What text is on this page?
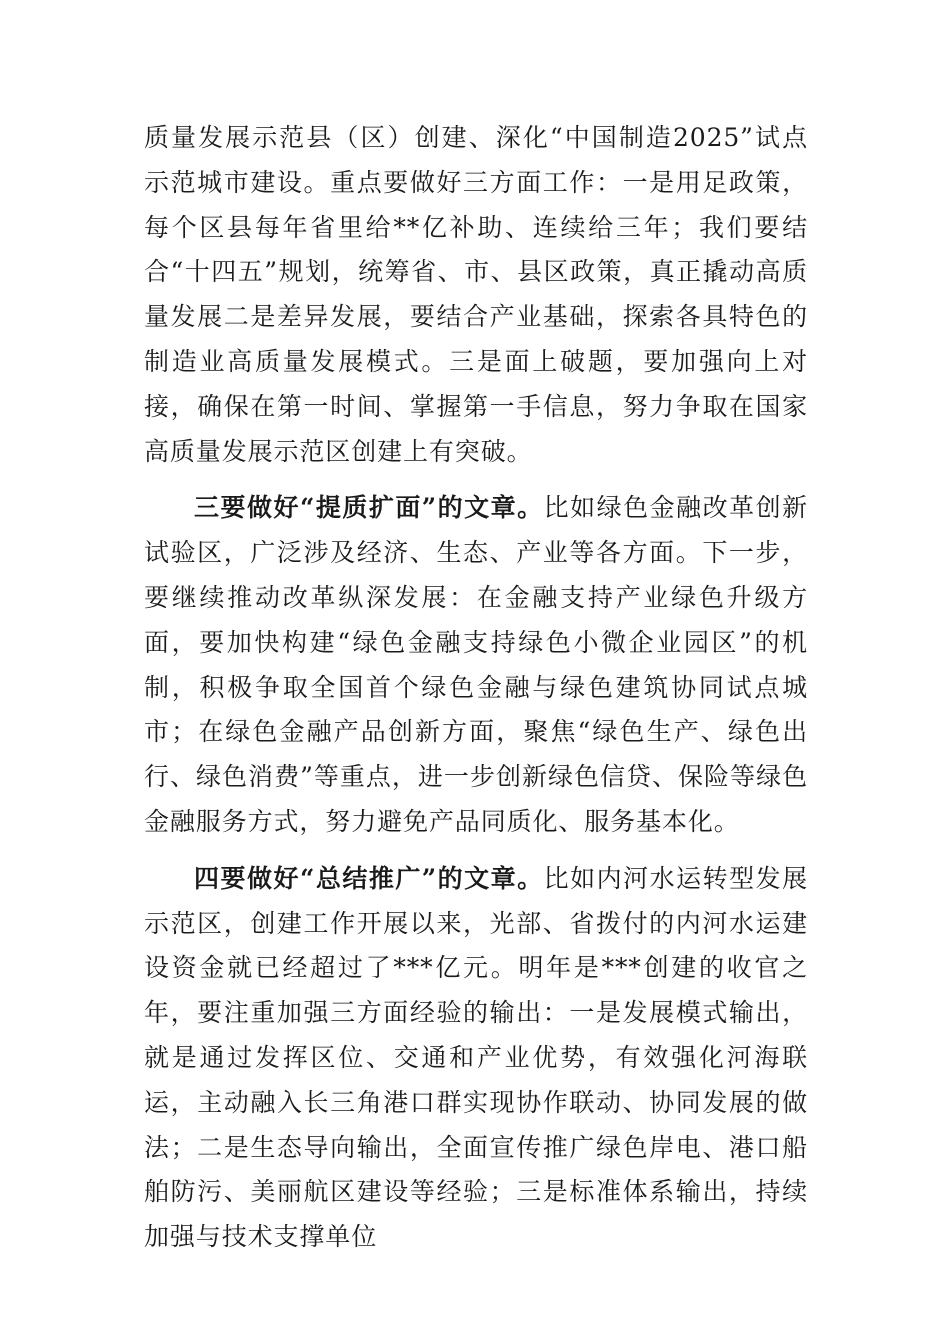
质量发展示范县（区）创建、深化“中国制造2025”试点示范城市建设。重点要做好三方面工作：一是用足政策，每个区县每年省里给**亿补助、连续给三年；我们要结合“十四五”规划，统筹省、市、县区政策，真正撬动高质量发展二是差异发展，要结合产业基础，探索各具特色的制造业高质量发展模式。三是面上破题，要加强向上对接，确保在第一时间、掌握第一手信息，努力争取在国家高质量发展示范区创建上有突破。

三要做好“提质扩面”的文章。比如绿色金融改革创新试验区，广泛涉及经济、生态、产业等各方面。下一步，要继续推动改革纵深发展：在金融支持产业绿色升级方面，要加快构建“绿色金融支持绿色小微企业园区”的机制，积极争取全国首个绿色金融与绿色建筑协同试点城市；在绿色金融产品创新方面，聚焦“绿色生产、绿色出行、绿色消费”等重点，进一步创新绿色信贷、保险等绿色金融服务方式，努力避免产品同质化、服务基本化。

四要做好“总结推广”的文章。比如内河水运转型发展示范区，创建工作开展以来，光部、省拨付的内河水运建设资金就已经超过了***亿元。明年是***创建的收官之年，要注重加强三方面经验的输出：一是发展模式输出，就是通过发挥区位、交通和产业优势，有效强化河海联运，主动融入长三角港口群实现协作联动、协同发展的做法；二是生态导向输出，全面宣传推广绿色岸电、港口船舶防污、美丽航区建设等经验；三是标准体系输出，持续加强与技术支撑单位
